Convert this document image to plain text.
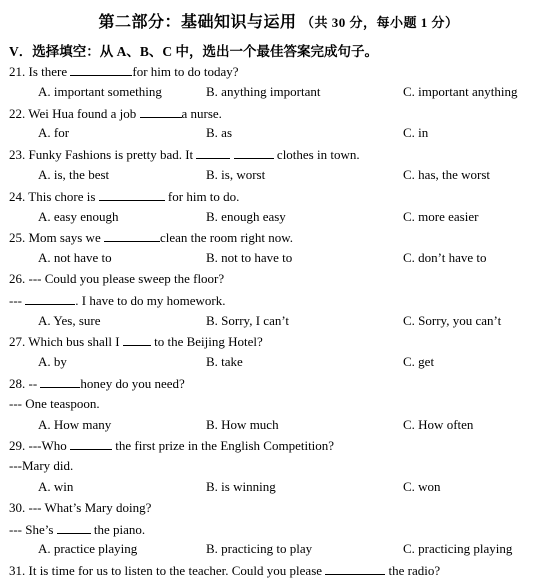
第二部分：基础知识与运用 （共 30 分，每小题 1 分）
V．选择填空：从 A、B、C 中，选出一个最佳答案完成句子。
21. Is there	for him to do today?
A. important something	B. anything important	C. important anything
22. Wei Hua found a job	a nurse.
A. for	B. as	C. in
23. Funky Fashions is pretty bad. It	clothes in town.
A. is, the best	B. is, worst	C. has, the worst
24. This chore is	for him to do.
A. easy enough	B. enough easy	C. more easier
25. Mom says we	clean the room right now.
A. not have to	B. not to have to	C. don’t have to
26. --- Could you please sweep the floor?
---	. I have to do my homework.
A. Yes, sure	B. Sorry, I can’t	C. Sorry, you can’t
27. Which bus shall I  to the Beijing Hotel?
A. by	B. take	C. get
28. --	honey do you need?
--- One teaspoon.
A. How many	B. How much	C. How often
29. ---Who	the first prize in the English Competition?
---Mary did.
A. win	B. is winning	C. won
30. --- What’s Mary doing?
--- She’s	the piano.
A. practice playing	B. practicing to play	C. practicing playing
31. It is time for us to listen to the teacher. Could you please	the radio?
